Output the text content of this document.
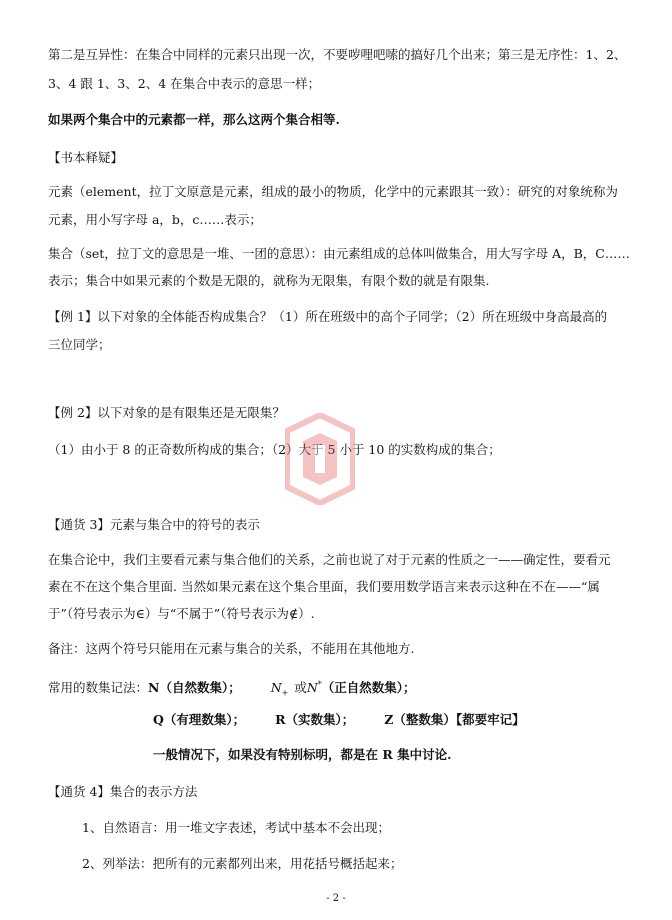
第二是互异性：在集合中同样的元素只出现一次，不要哕哩吧嗦的搞好几个出来；第三是无序性：1、2、
3、4 跟 1、3、2、4 在集合中表示的意思一样；
如果两个集合中的元素都一样，那么这两个集合相等.
【书本释疑】
元素（element，拉丁文原意是元素，组成的最小的物质，化学中的元素跟其一致）：研究的对象统称为
元素，用小写字母 a，b，c……表示；
集合（set，拉丁文的意思是一堆、一团的意思）：由元素组成的总体叫做集合，用大写字母 A，B，C……
表示；集合中如果元素的个数是无限的，就称为无限集，有限个数的就是有限集.
【例 1】以下对象的全体能否构成集合？（1）所在班级中的高个子同学；（2）所在班级中身高最高的
三位同学；
【例 2】以下对象的是有限集还是无限集？
（1）由小于 8 的正奇数所构成的集合；（2）大于 5 小于 10 的实数构成的集合；
【通货 3】元素与集合中的符号的表示
在集合论中，我们主要看元素与集合他们的关系，之前也说了对于元素的性质之一——确定性，要看元
素在不在这个集合里面. 当然如果元素在这个集合里面，我们要用数学语言来表示这种在不在——“属
于”（符号表示为∈）与“不属于”（符号表示为∉）.
备注：这两个符号只能用在元素与集合的关系，不能用在其他地方.
常用的数集记法：N（自然数集）； $N_+$ 或N*（正自然数集）；
Q（有理数集）； R（实数集）； Z（整数集）【都要牢记】
一般情况下，如果没有特别标明，都是在 R 集中讨论.
【通货 4】集合的表示方法
1、自然语言：用一堆文字表述，考试中基本不会出现；
2、列举法：把所有的元素都列出来，用花括号概括起来；
- 2 -
